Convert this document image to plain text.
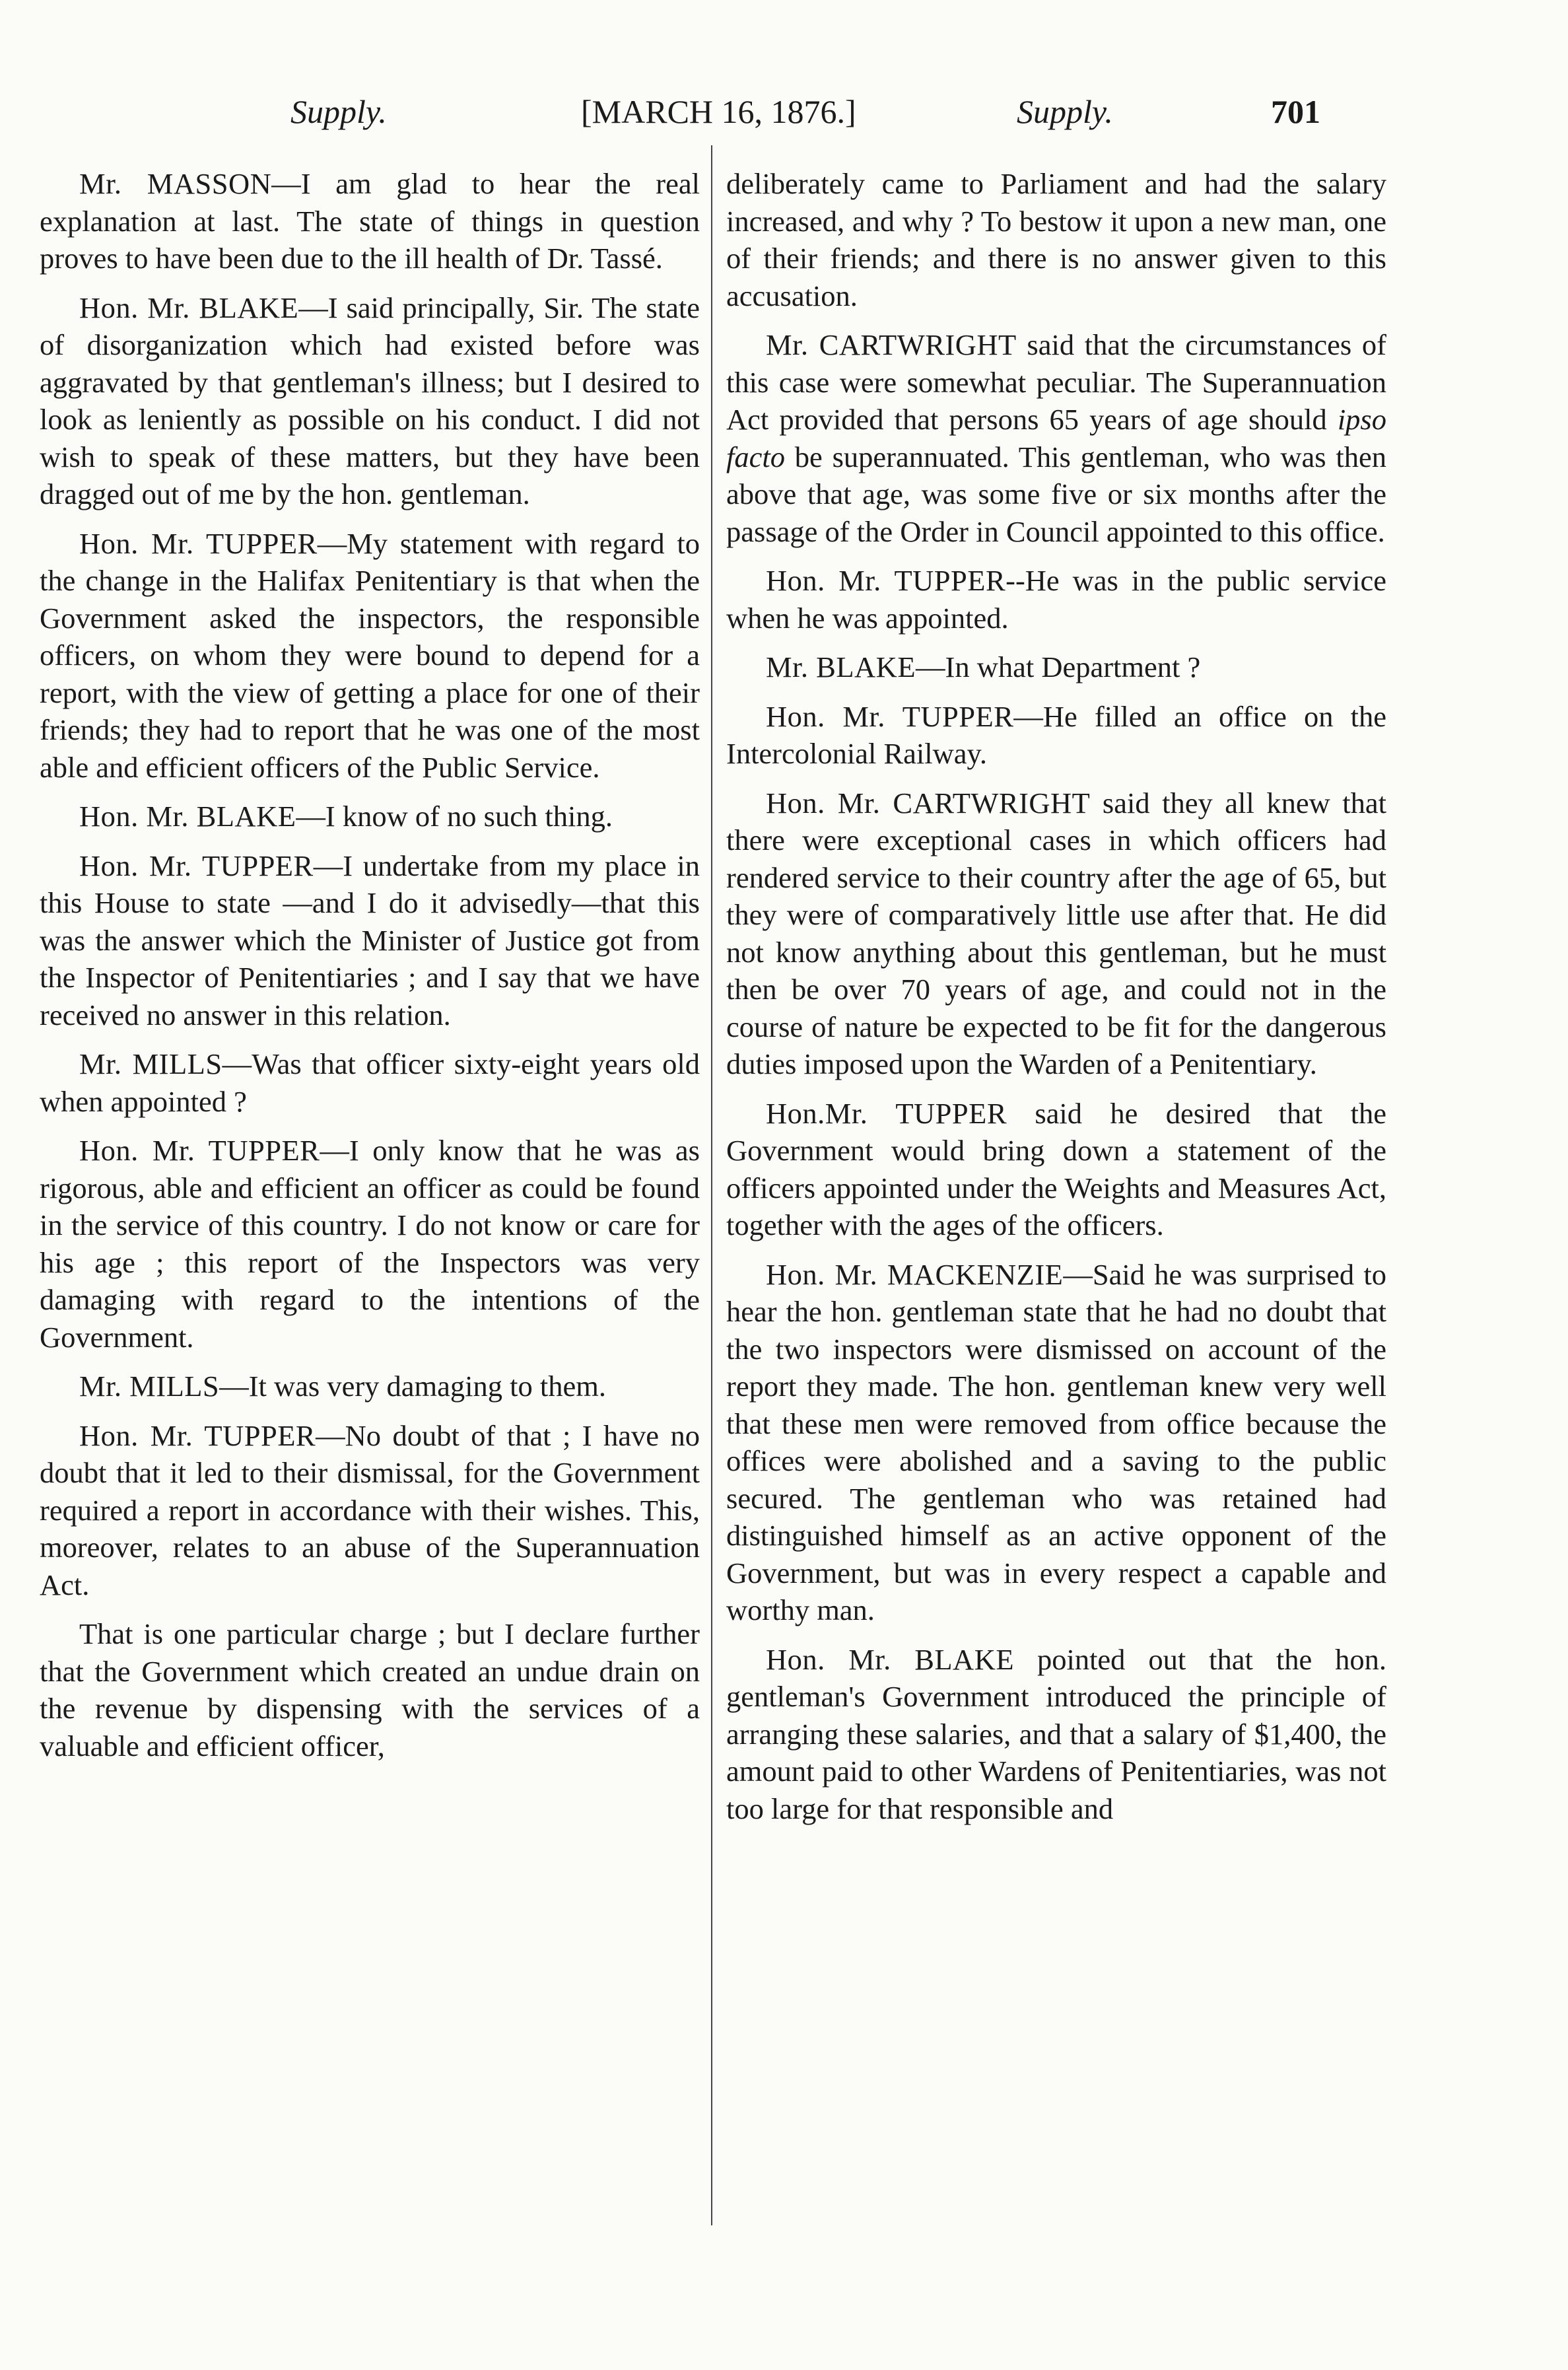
Supply.	[MARCH 16, 1876.]	Supply.	701

Mr. MASSON—I am glad to hear the real explanation at last. The state of things in question proves to have been due to the ill health of Dr. Tassé.

Hon. Mr. BLAKE—I said principally, Sir. The state of disorganization which had existed before was aggravated by that gentleman's illness; but I desired to look as leniently as possible on his conduct. I did not wish to speak of these matters, but they have been dragged out of me by the hon. gentleman.

Hon. Mr. TUPPER—My statement with regard to the change in the Halifax Penitentiary is that when the Government asked the inspectors, the responsible officers, on whom they were bound to depend for a report, with the view of getting a place for one of their friends; they had to report that he was one of the most able and efficient officers of the Public Service.

Hon. Mr. BLAKE—I know of no such thing.

Hon. Mr. TUPPER—I undertake from my place in this House to state —and I do it advisedly—that this was the answer which the Minister of Justice got from the Inspector of Penitentiaries ; and I say that we have received no answer in this relation.

Mr. MILLS—Was that officer sixty-eight years old when appointed ?

Hon. Mr. TUPPER—I only know that he was as rigorous, able and efficient an officer as could be found in the service of this country. I do not know or care for his age ; this report of the Inspectors was very damaging with regard to the intentions of the Government.

Mr. MILLS—It was very damaging to them.

Hon. Mr. TUPPER—No doubt of that ; I have no doubt that it led to their dismissal, for the Government required a report in accordance with their wishes. This, moreover, relates to an abuse of the Superannuation Act.

That is one particular charge ; but I declare further that the Government which created an undue drain on the revenue by dispensing with the services of a valuable and efficient officer,

deliberately came to Parliament and had the salary increased, and why ? To bestow it upon a new man, one of their friends; and there is no answer given to this accusation.

Mr. CARTWRIGHT said that the circumstances of this case were somewhat peculiar. The Superannuation Act provided that persons 65 years of age should ipso facto be superannuated. This gentleman, who was then above that age, was some five or six months after the passage of the Order in Council appointed to this office.

Hon. Mr. TUPPER--He was in the public service when he was appointed.

Mr. BLAKE—In what Department ?

Hon. Mr. TUPPER—He filled an office on the Intercolonial Railway.

Hon. Mr. CARTWRIGHT said they all knew that there were exceptional cases in which officers had rendered service to their country after the age of 65, but they were of comparatively little use after that. He did not know anything about this gentleman, but he must then be over 70 years of age, and could not in the course of nature be expected to be fit for the dangerous duties imposed upon the Warden of a Penitentiary.

Hon.Mr. TUPPER said he desired that the Government would bring down a statement of the officers appointed under the Weights and Measures Act, together with the ages of the officers.

Hon. Mr. MACKENZIE—Said he was surprised to hear the hon. gentleman state that he had no doubt that the two inspectors were dismissed on account of the report they made. The hon. gentleman knew very well that these men were removed from office because the offices were abolished and a saving to the public secured. The gentleman who was retained had distinguished himself as an active opponent of the Government, but was in every respect a capable and worthy man.

Hon. Mr. BLAKE pointed out that the hon. gentleman's Government introduced the principle of arranging these salaries, and that a salary of $1,400, the amount paid to other Wardens of Penitentiaries, was not too large for that responsible and
